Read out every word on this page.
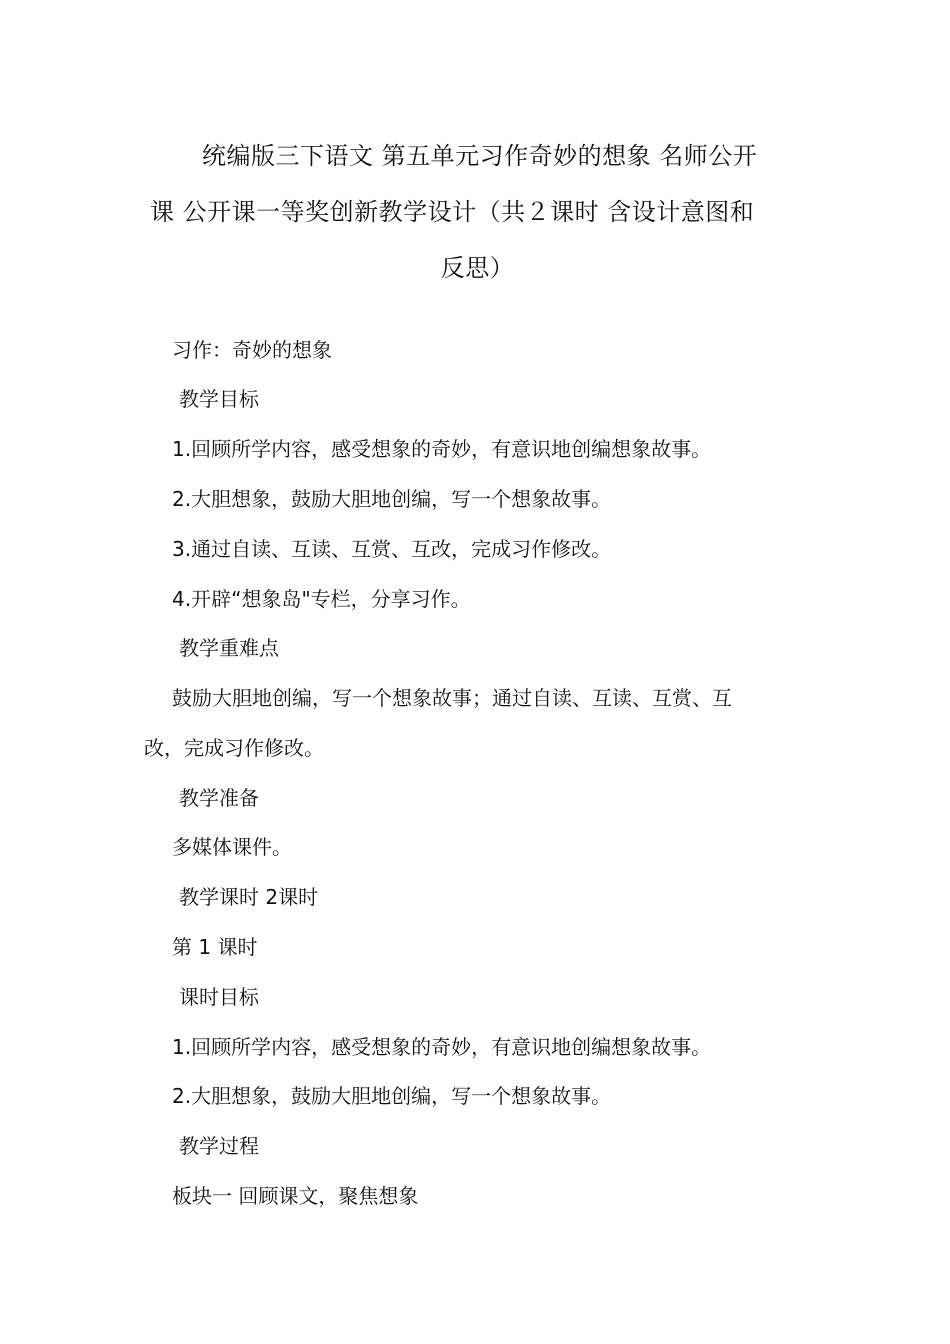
统编版三下语文 第五单元习作奇妙的想象 名师公开
课 公开课一等奖创新教学设计（共２课时 含设计意图和
反思）
习作：奇妙的想象
教学目标
1.回顾所学内容，感受想象的奇妙，有意识地创编想象故事。
2.大胆想象，鼓励大胆地创编，写一个想象故事。
3.通过自读、互读、互赏、互改，完成习作修改。
4.开辟“想象岛"专栏，分享习作。
教学重难点
鼓励大胆地创编，写一个想象故事；通过自读、互读、互赏、互
改，完成习作修改。
教学准备
多媒体课件。
教学课时 2课时
第 1 课时
课时目标
1.回顾所学内容，感受想象的奇妙，有意识地创编想象故事。
2.大胆想象，鼓励大胆地创编，写一个想象故事。
教学过程
板块一 回顾课文，聚焦想象
